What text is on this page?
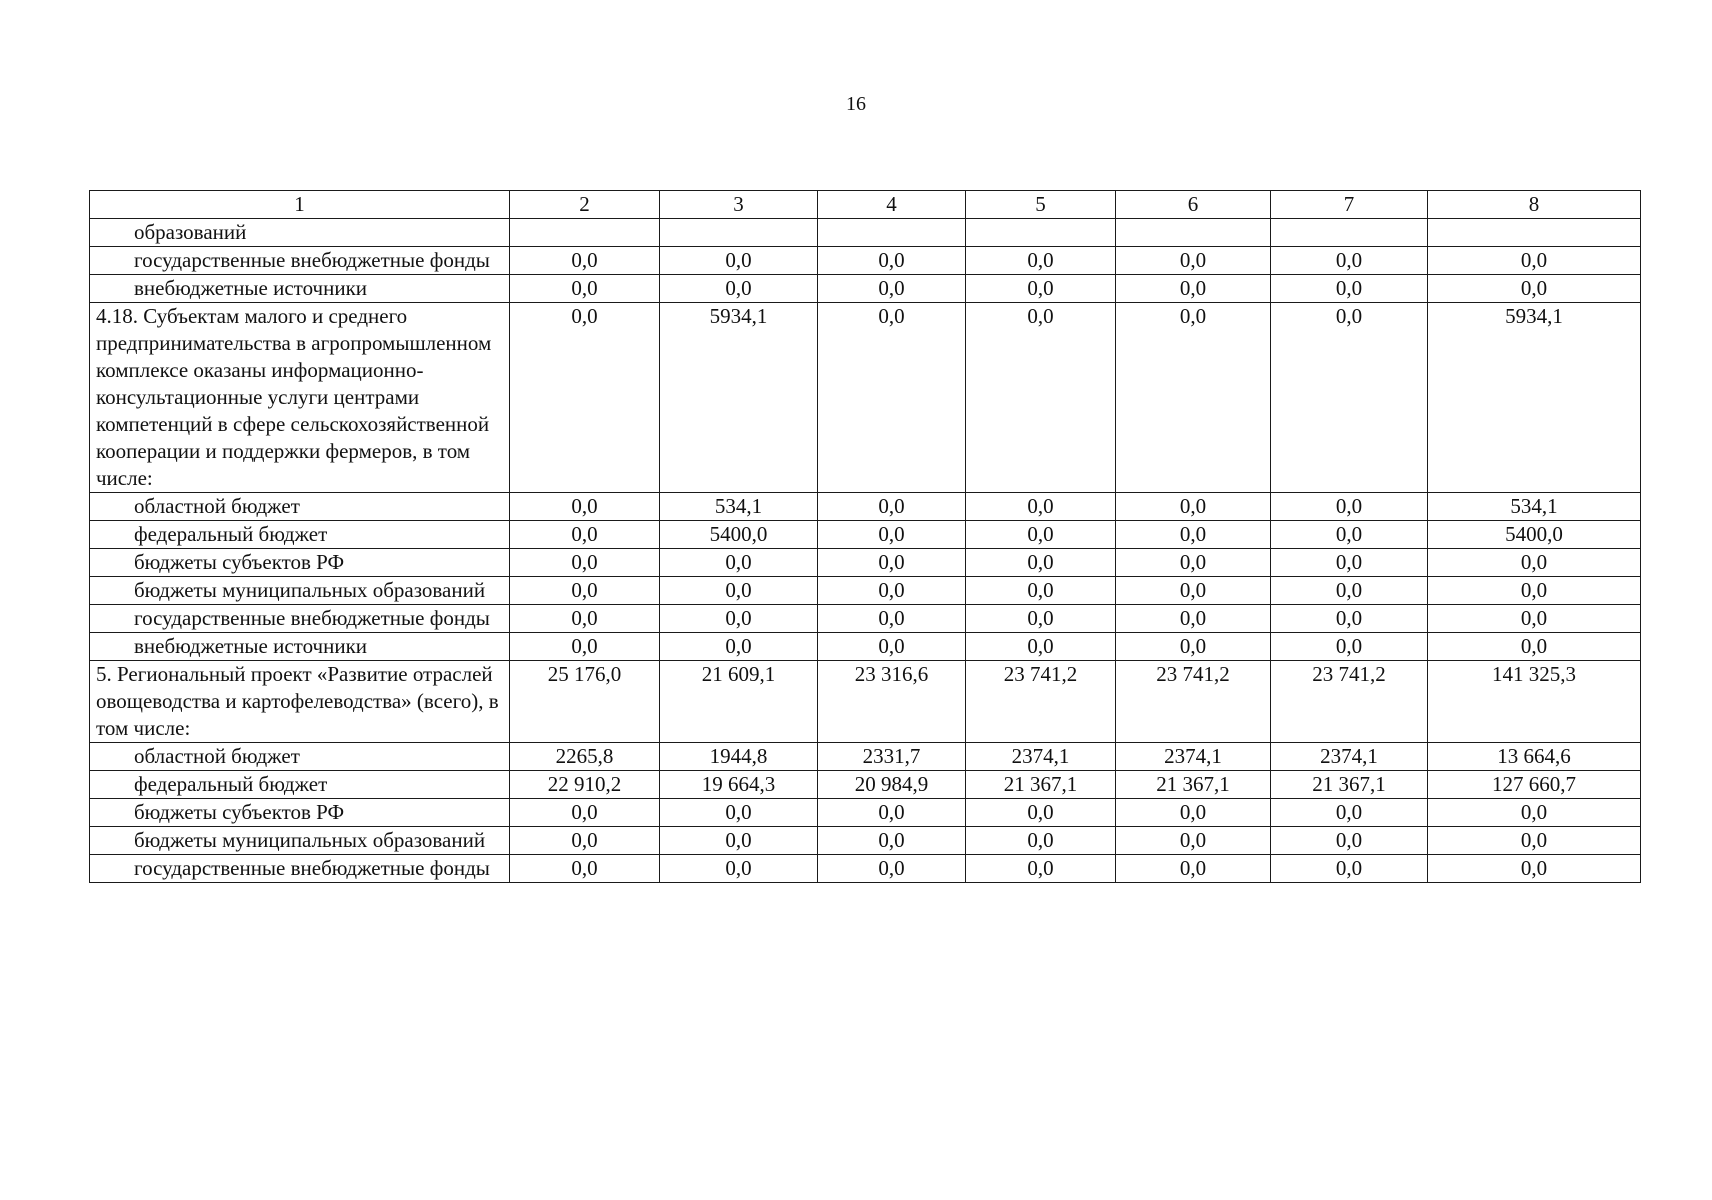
16
1	2	3	4	5	6	7	8
образований							
государственные внебюджетные фонды	0,0	0,0	0,0	0,0	0,0	0,0	0,0
внебюджетные источники	0,0	0,0	0,0	0,0	0,0	0,0	0,0
4.18. Субъектам малого и среднего предпринимательства в агропромышленном комплексе оказаны информационно-консультационные услуги центрами компетенций в сфере сельскохозяйственной кооперации и поддержки фермеров, в том числе:	0,0	5934,1	0,0	0,0	0,0	0,0	5934,1
областной бюджет	0,0	534,1	0,0	0,0	0,0	0,0	534,1
федеральный бюджет	0,0	5400,0	0,0	0,0	0,0	0,0	5400,0
бюджеты субъектов РФ	0,0	0,0	0,0	0,0	0,0	0,0	0,0
бюджеты муниципальных образований	0,0	0,0	0,0	0,0	0,0	0,0	0,0
государственные внебюджетные фонды	0,0	0,0	0,0	0,0	0,0	0,0	0,0
внебюджетные источники	0,0	0,0	0,0	0,0	0,0	0,0	0,0
5. Региональный проект «Развитие отраслей овощеводства и картофелеводства» (всего), в том числе:	25 176,0	21 609,1	23 316,6	23 741,2	23 741,2	23 741,2	141 325,3
областной бюджет	2265,8	1944,8	2331,7	2374,1	2374,1	2374,1	13 664,6
федеральный бюджет	22 910,2	19 664,3	20 984,9	21 367,1	21 367,1	21 367,1	127 660,7
бюджеты субъектов РФ	0,0	0,0	0,0	0,0	0,0	0,0	0,0
бюджеты муниципальных образований	0,0	0,0	0,0	0,0	0,0	0,0	0,0
государственные внебюджетные фонды	0,0	0,0	0,0	0,0	0,0	0,0	0,0
